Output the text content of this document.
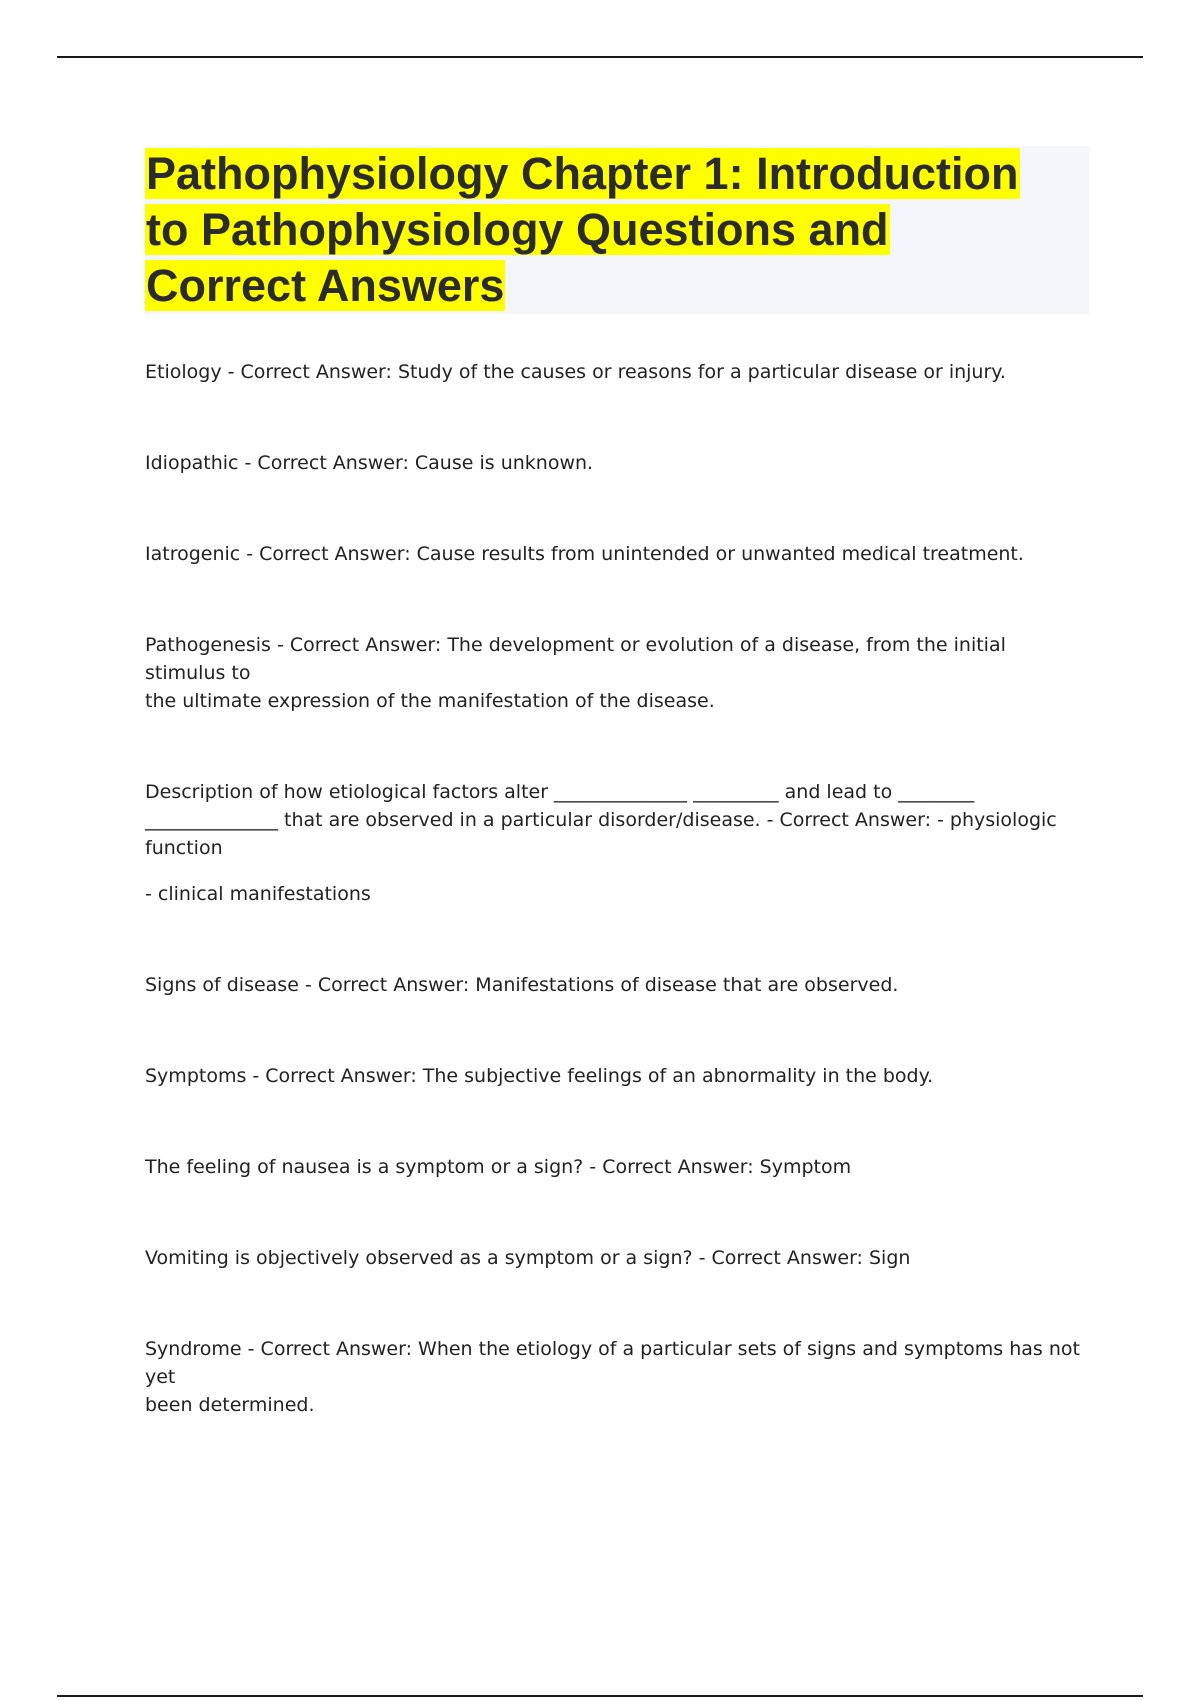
Pathophysiology Chapter 1: Introduction
to Pathophysiology Questions and
Correct Answers
Etiology - Correct Answer: Study of the causes or reasons for a particular disease or injury.
Idiopathic - Correct Answer: Cause is unknown.
Iatrogenic - Correct Answer: Cause results from unintended or unwanted medical treatment.
Pathogenesis - Correct Answer: The development or evolution of a disease, from the initial stimulus to
the ultimate expression of the manifestation of the disease.
Description of how etiological factors alter ______________ _________ and lead to ________
______________ that are observed in a particular disorder/disease. - Correct Answer: - physiologic
function
- clinical manifestations
Signs of disease - Correct Answer: Manifestations of disease that are observed.
Symptoms - Correct Answer: The subjective feelings of an abnormality in the body.
The feeling of nausea is a symptom or a sign? - Correct Answer: Symptom
Vomiting is objectively observed as a symptom or a sign? - Correct Answer: Sign
Syndrome - Correct Answer: When the etiology of a particular sets of signs and symptoms has not yet
been determined.
